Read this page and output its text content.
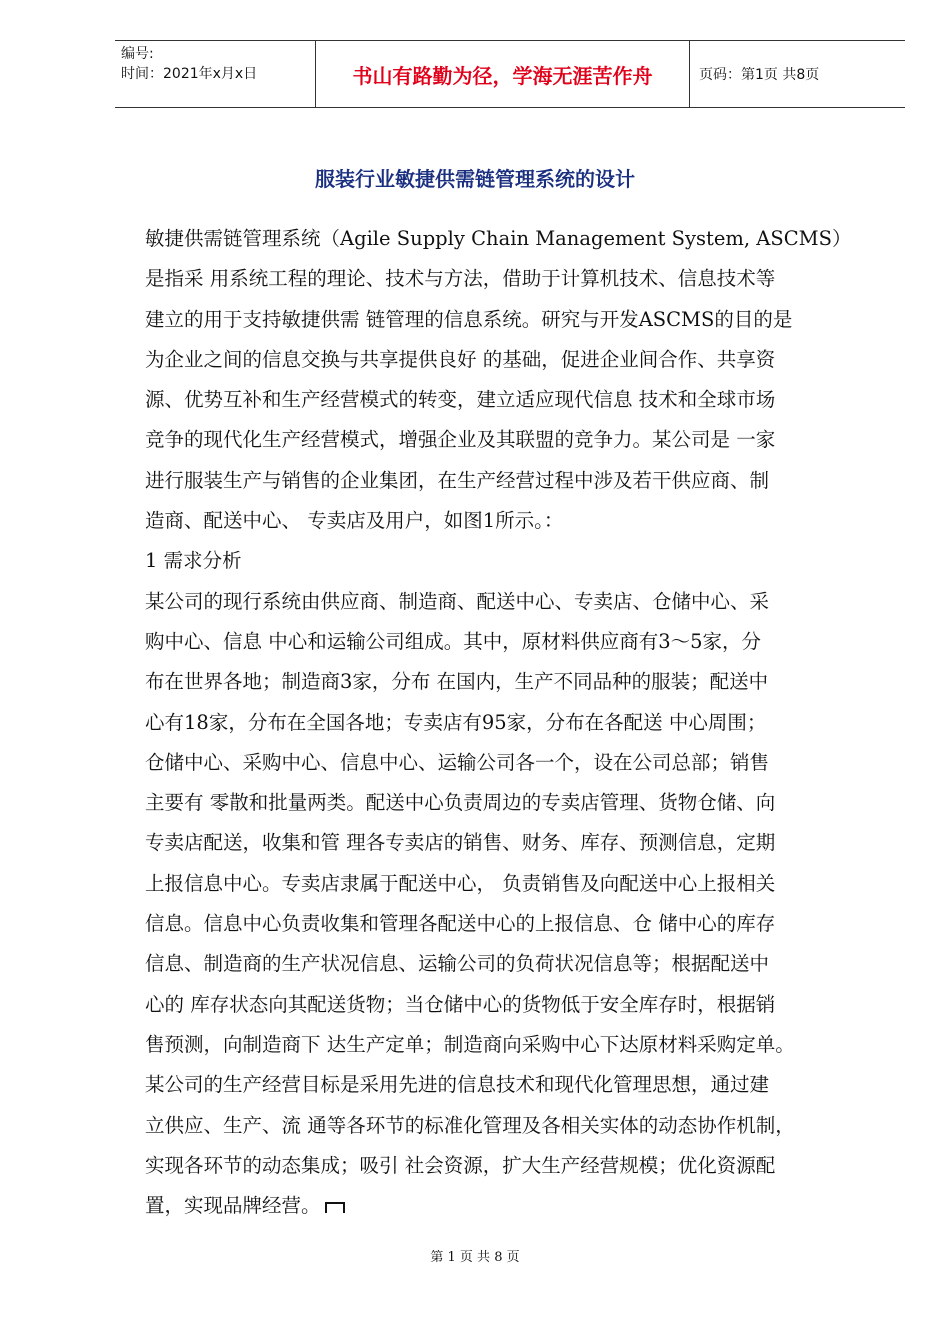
编号:
时间：2021年x月x日	书山有路勤为径，学海无涯苦作舟	页码：第1页 共8页
服装行业敏捷供需链管理系统的设计
敏捷供需链管理系统（Agile Supply Chain Management System, ASCMS）
是指采 用系统工程的理论、技术与方法，借助于计算机技术、信息技术等
建立的用于支持敏捷供需 链管理的信息系统。研究与开发ASCMS的目的是
为企业之间的信息交换与共享提供良好 的基础，促进企业间合作、共享资
源、优势互补和生产经营模式的转变，建立适应现代信息 技术和全球市场
竞争的现代化生产经营模式，增强企业及其联盟的竞争力。某公司是 一家
进行服装生产与销售的企业集团，在生产经营过程中涉及若干供应商、制
造商、配送中心、 专卖店及用户，如图1所示。：
1 需求分析
某公司的现行系统由供应商、制造商、配送中心、专卖店、仓储中心、采
购中心、信息 中心和运输公司组成。其中，原材料供应商有3～5家，分
布在世界各地；制造商3家，分布 在国内，生产不同品种的服装；配送中
心有18家，分布在全国各地；专卖店有95家，分布在各配送 中心周围；
仓储中心、采购中心、信息中心、运输公司各一个，设在公司总部；销售
主要有 零散和批量两类。配送中心负责周边的专卖店管理、货物仓储、向
专卖店配送，收集和管 理各专卖店的销售、财务、库存、预测信息，定期
上报信息中心。专卖店隶属于配送中心， 负责销售及向配送中心上报相关
信息。信息中心负责收集和管理各配送中心的上报信息、仓 储中心的库存
信息、制造商的生产状况信息、运输公司的负荷状况信息等；根据配送中
心的 库存状态向其配送货物；当仓储中心的货物低于安全库存时，根据销
售预测，向制造商下 达生产定单；制造商向采购中心下达原材料采购定单。
某公司的生产经营目标是采用先进的信息技术和现代化管理思想，通过建
立供应、生产、流 通等各环节的标准化管理及各相关实体的动态协作机制，
实现各环节的动态集成；吸引 社会资源，扩大生产经营规模；优化资源配
置，实现品牌经营。
第 1 页 共 8 页
